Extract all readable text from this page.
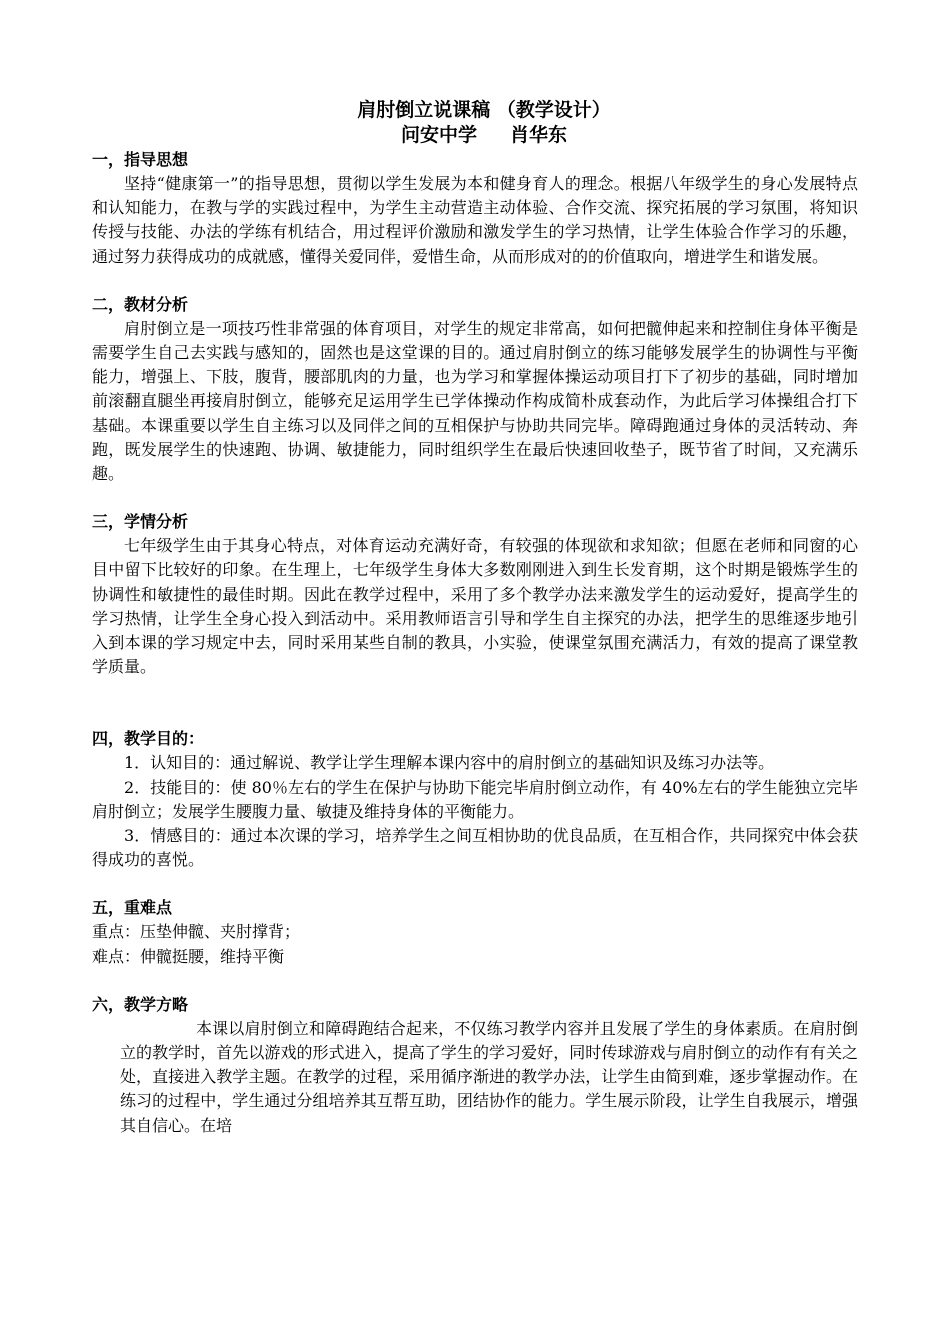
肩肘倒立说课稿 （教学设计）
问安中学     肖华东
一，指导思想

坚持“健康第一”的指导思想，贯彻以学生发展为本和健身育人的理念。根据八年级学生的身心发展特点和认知能力，在教与学的实践过程中，为学生主动营造主动体验、合作交流、探究拓展的学习氛围，将知识传授与技能、办法的学练有机结合，用过程评价激励和激发学生的学习热情，让学生体验合作学习的乐趣，通过努力获得成功的成就感，懂得关爱同伴，爱惜生命，从而形成对的的价值取向，增进学生和谐发展。

二，教材分析

肩肘倒立是一项技巧性非常强的体育项目，对学生的规定非常高，如何把髋伸起来和控制住身体平衡是需要学生自己去实践与感知的，固然也是这堂课的目的。通过肩肘倒立的练习能够发展学生的协调性与平衡能力，增强上、下肢，腹背，腰部肌肉的力量，也为学习和掌握体操运动项目打下了初步的基础，同时增加前滚翻直腿坐再接肩肘倒立，能够充足运用学生已学体操动作构成简朴成套动作，为此后学习体操组合打下基础。本课重要以学生自主练习以及同伴之间的互相保护与协助共同完毕。障碍跑通过身体的灵活转动、奔跑，既发展学生的快速跑、协调、敏捷能力，同时组织学生在最后快速回收垫子，既节省了时间，又充满乐趣。

三，学情分析

七年级学生由于其身心特点，对体育运动充满好奇，有较强的体现欲和求知欲；但愿在老师和同窗的心目中留下比较好的印象。在生理上，七年级学生身体大多数刚刚进入到生长发育期，这个时期是锻炼学生的协调性和敏捷性的最佳时期。因此在教学过程中，采用了多个教学办法来激发学生的运动爱好，提高学生的学习热情，让学生全身心投入到活动中。采用教师语言引导和学生自主探究的办法，把学生的思维逐步地引入到本课的学习规定中去，同时采用某些自制的教具，小实验，使课堂氛围充满活力，有效的提高了课堂教学质量。

四，教学目的：

1．认知目的：通过解说、教学让学生理解本课内容中的肩肘倒立的基础知识及练习办法等。

2．技能目的：使 80％左右的学生在保护与协助下能完毕肩肘倒立动作，有 40%左右的学生能独立完毕肩肘倒立；发展学生腰腹力量、敏捷及维持身体的平衡能力。

3．情感目的：通过本次课的学习，培养学生之间互相协助的优良品质，在互相合作，共同探究中体会获得成功的喜悦。

五，重难点

重点：压垫伸髋、夹肘撑背；

难点：伸髋挺腰，维持平衡

六，教学方略

本课以肩肘倒立和障碍跑结合起来，不仅练习教学内容并且发展了学生的身体素质。在肩肘倒立的教学时，首先以游戏的形式进入，提高了学生的学习爱好，同时传球游戏与肩肘倒立的动作有有关之处，直接进入教学主题。在教学的过程，采用循序渐进的教学办法，让学生由简到难，逐步掌握动作。在练习的过程中，学生通过分组培养其互帮互助，团结协作的能力。学生展示阶段，让学生自我展示，增强其自信心。在培
